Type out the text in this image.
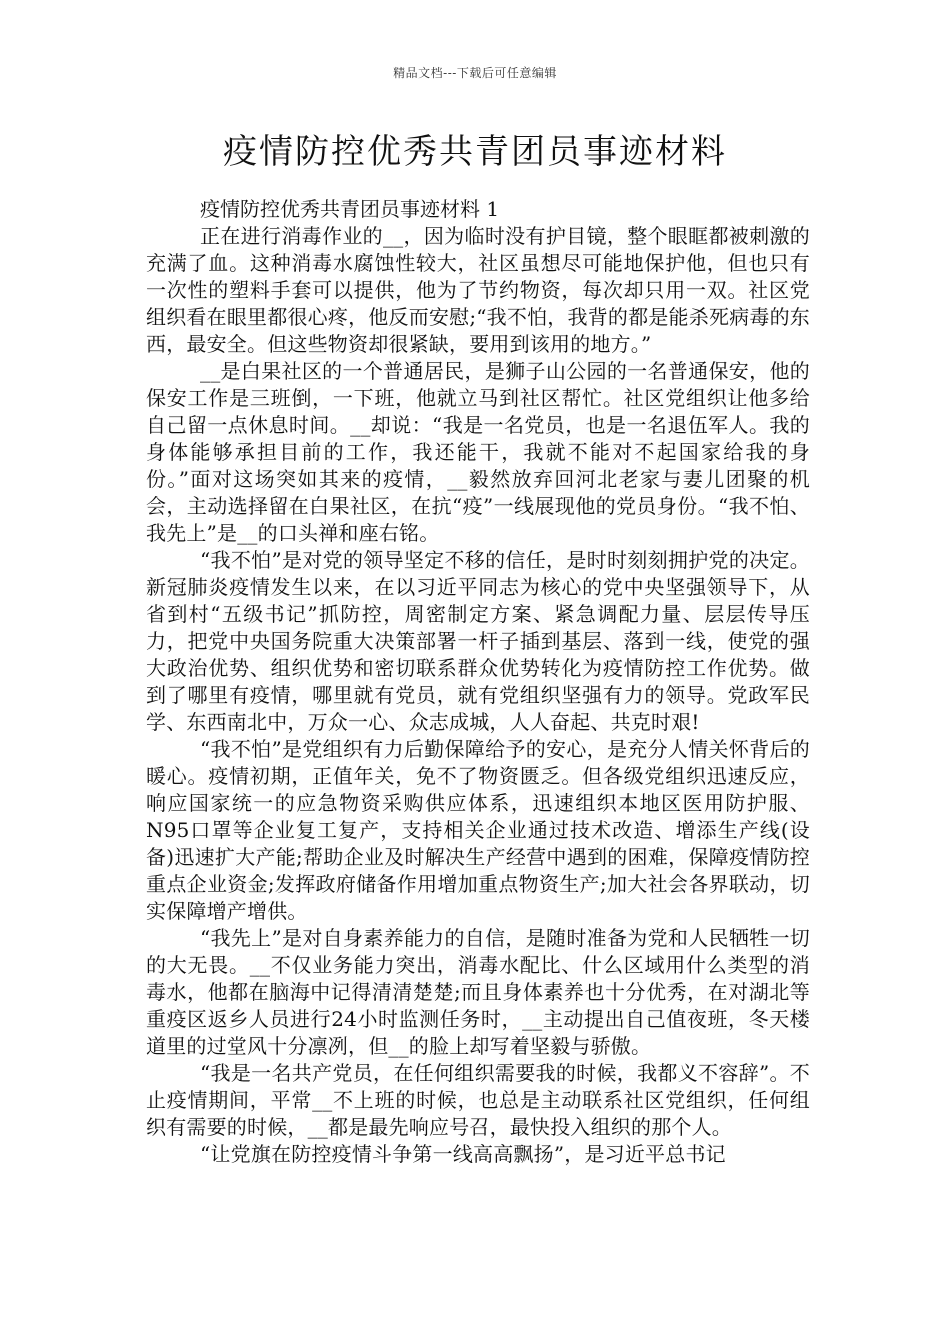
精品文档---下载后可任意编辑
疫情防控优秀共青团员事迹材料

疫情防控优秀共青团员事迹材料 1

正在进行消毒作业的__，因为临时没有护目镜，整个眼眶都被刺激的充满了血。这种消毒水腐蚀性较大，社区虽想尽可能地保护他，但也只有一次性的塑料手套可以提供，他为了节约物资，每次却只用一双。社区党组织看在眼里都很心疼，他反而安慰;“我不怕，我背的都是能杀死病毒的东西，最安全。但这些物资却很紧缺，要用到该用的地方。”

__是白果社区的一个普通居民，是狮子山公园的一名普通保安，他的保安工作是三班倒，一下班，他就立马到社区帮忙。社区党组织让他多给自己留一点休息时间。__却说：“我是一名党员，也是一名退伍军人。我的身体能够承担目前的工作，我还能干，我就不能对不起国家给我的身份。”面对这场突如其来的疫情，__毅然放弃回河北老家与妻儿团聚的机会，主动选择留在白果社区，在抗“疫”一线展现他的党员身份。“我不怕、我先上”是__的口头禅和座右铭。

“我不怕”是对党的领导坚定不移的信任，是时时刻刻拥护党的决定。新冠肺炎疫情发生以来，在以习近平同志为核心的党中央坚强领导下，从省到村“五级书记”抓防控，周密制定方案、紧急调配力量、层层传导压力，把党中央国务院重大决策部署一杆子插到基层、落到一线，使党的强大政治优势、组织优势和密切联系群众优势转化为疫情防控工作优势。做到了哪里有疫情，哪里就有党员，就有党组织坚强有力的领导。党政军民学、东西南北中，万众一心、众志成城，人人奋起、共克时艰!

“我不怕”是党组织有力后勤保障给予的安心，是充分人情关怀背后的暖心。疫情初期，正值年关，免不了物资匮乏。但各级党组织迅速反应，响应国家统一的应急物资采购供应体系，迅速组织本地区医用防护服、N95口罩等企业复工复产，支持相关企业通过技术改造、增添生产线(设备)迅速扩大产能;帮助企业及时解决生产经营中遇到的困难，保障疫情防控重点企业资金;发挥政府储备作用增加重点物资生产;加大社会各界联动，切实保障增产增供。

“我先上”是对自身素养能力的自信，是随时准备为党和人民牺牲一切的大无畏。__不仅业务能力突出，消毒水配比、什么区域用什么类型的消毒水，他都在脑海中记得清清楚楚;而且身体素养也十分优秀，在对湖北等重疫区返乡人员进行24小时监测任务时，__主动提出自己值夜班，冬天楼道里的过堂风十分凛冽，但__的脸上却写着坚毅与骄傲。

“我是一名共产党员，在任何组织需要我的时候，我都义不容辞”。不止疫情期间，平常__不上班的时候，也总是主动联系社区党组织，任何组织有需要的时候，__都是最先响应号召，最快投入组织的那个人。

“让党旗在防控疫情斗争第一线高高飘扬”，是习近平总书记
